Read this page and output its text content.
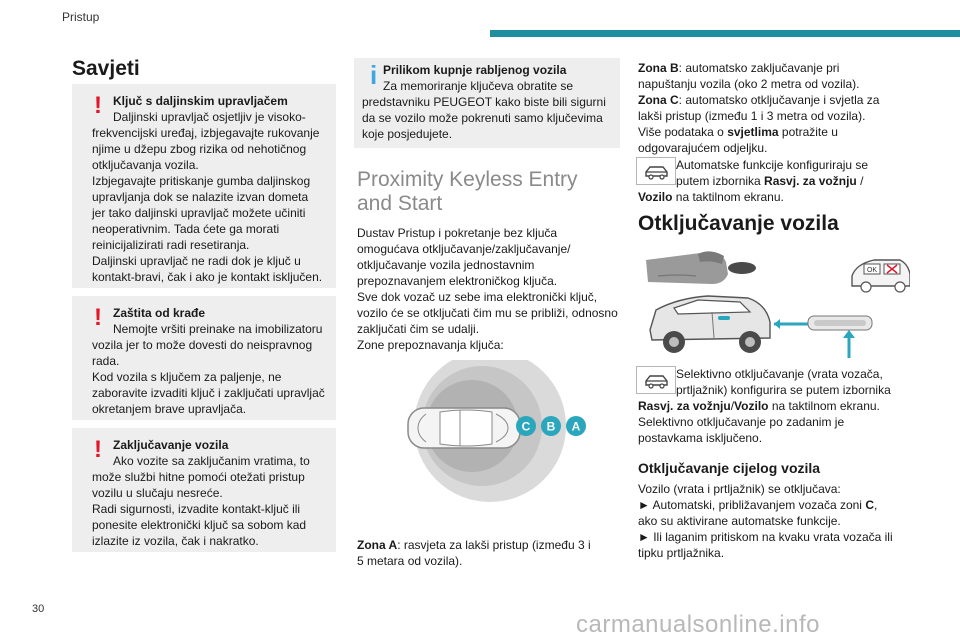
Pristup
Savjeti
! Ključ s daljinskim upravljačem
Daljinski upravljač osjetljiv je visoko-
frekvencijski uređaj, izbjegavajte rukovanje
njime u džepu zbog rizika od nehotičnog
otključavanja vozila.
Izbjegavajte pritiskanje gumba daljinskog
upravljanja dok se nalazite izvan dometa
jer tako daljinski upravljač možete učiniti
neoperativnim. Tada ćete ga morati
reinicijalizirati radi resetiranja.
Daljinski upravljač ne radi dok je ključ u
kontakt-bravi, čak i ako je kontakt isključen.
! Zaštita od krađe
Nemojte vršiti preinake na imobilizatoru
vozila jer to može dovesti do neispravnog
rada.
Kod vozila s ključem za paljenje, ne
zaboravite izvaditi ključ i zaključati upravljač
okretanjem brave upravljača.
! Zaključavanje vozila
Ako vozite sa zaključanim vratima, to
može službi hitne pomoći otežati pristup
vozilu u slučaju nesreće.
Radi sigurnosti, izvadite kontakt-ključ ili
ponesite elektronički ključ sa sobom kad
izlazite iz vozila, čak i nakratko.
i Prilikom kupnje rabljenog vozila
Za memoriranje ključeva obratite se
predstavniku PEUGEOT kako biste bili sigurni
da se vozilo može pokrenuti samo ključevima
koje posjedujete.
Proximity Keyless Entry
and Start
Dustav Pristup i pokretanje bez ključa
omogućava otključavanje/zaključavanje/
otključavanje vozila jednostavnim
prepoznavanjem elektroničkog ključa.
Sve dok vozač uz sebe ima elektronički ključ,
vozilo će se otključati čim mu se približi, odnosno
zaključati čim se udalji.
Zone prepoznavanja ključa:
C B A
Zona A: rasvjeta za lakši pristup (između 3 i
5 metara od vozila).
Zona B: automatsko zaključavanje pri
napuštanju vozila (oko 2 metra od vozila).
Zona C: automatsko otključavanje i svjetla za
lakši pristup (između 1 i 3 metra od vozila).
Više podataka o svjetlima potražite u
odgovarajućem odjeljku.
Automatske funkcije konfiguriraju se
putem izbornika Rasvj. za vožnju /
Vozilo na taktilnom ekranu.
Otključavanje vozila
OK
Selektivno otključavanje (vrata vozača,
prtljažnik) konfigurira se putem izbornika
Rasvj. za vožnju/Vozilo na taktilnom ekranu.
Selektivno otključavanje po zadanim je
postavkama isključeno.
Otključavanje cijelog vozila
Vozilo (vrata i prtljažnik) se otključava:
► Automatski, približavanjem vozača zoni C,
ako su aktivirane automatske funkcije.
► Ili laganim pritiskom na kvaku vrata vozača ili
tipku prtljažnika.
30
carmanualsonline.info
